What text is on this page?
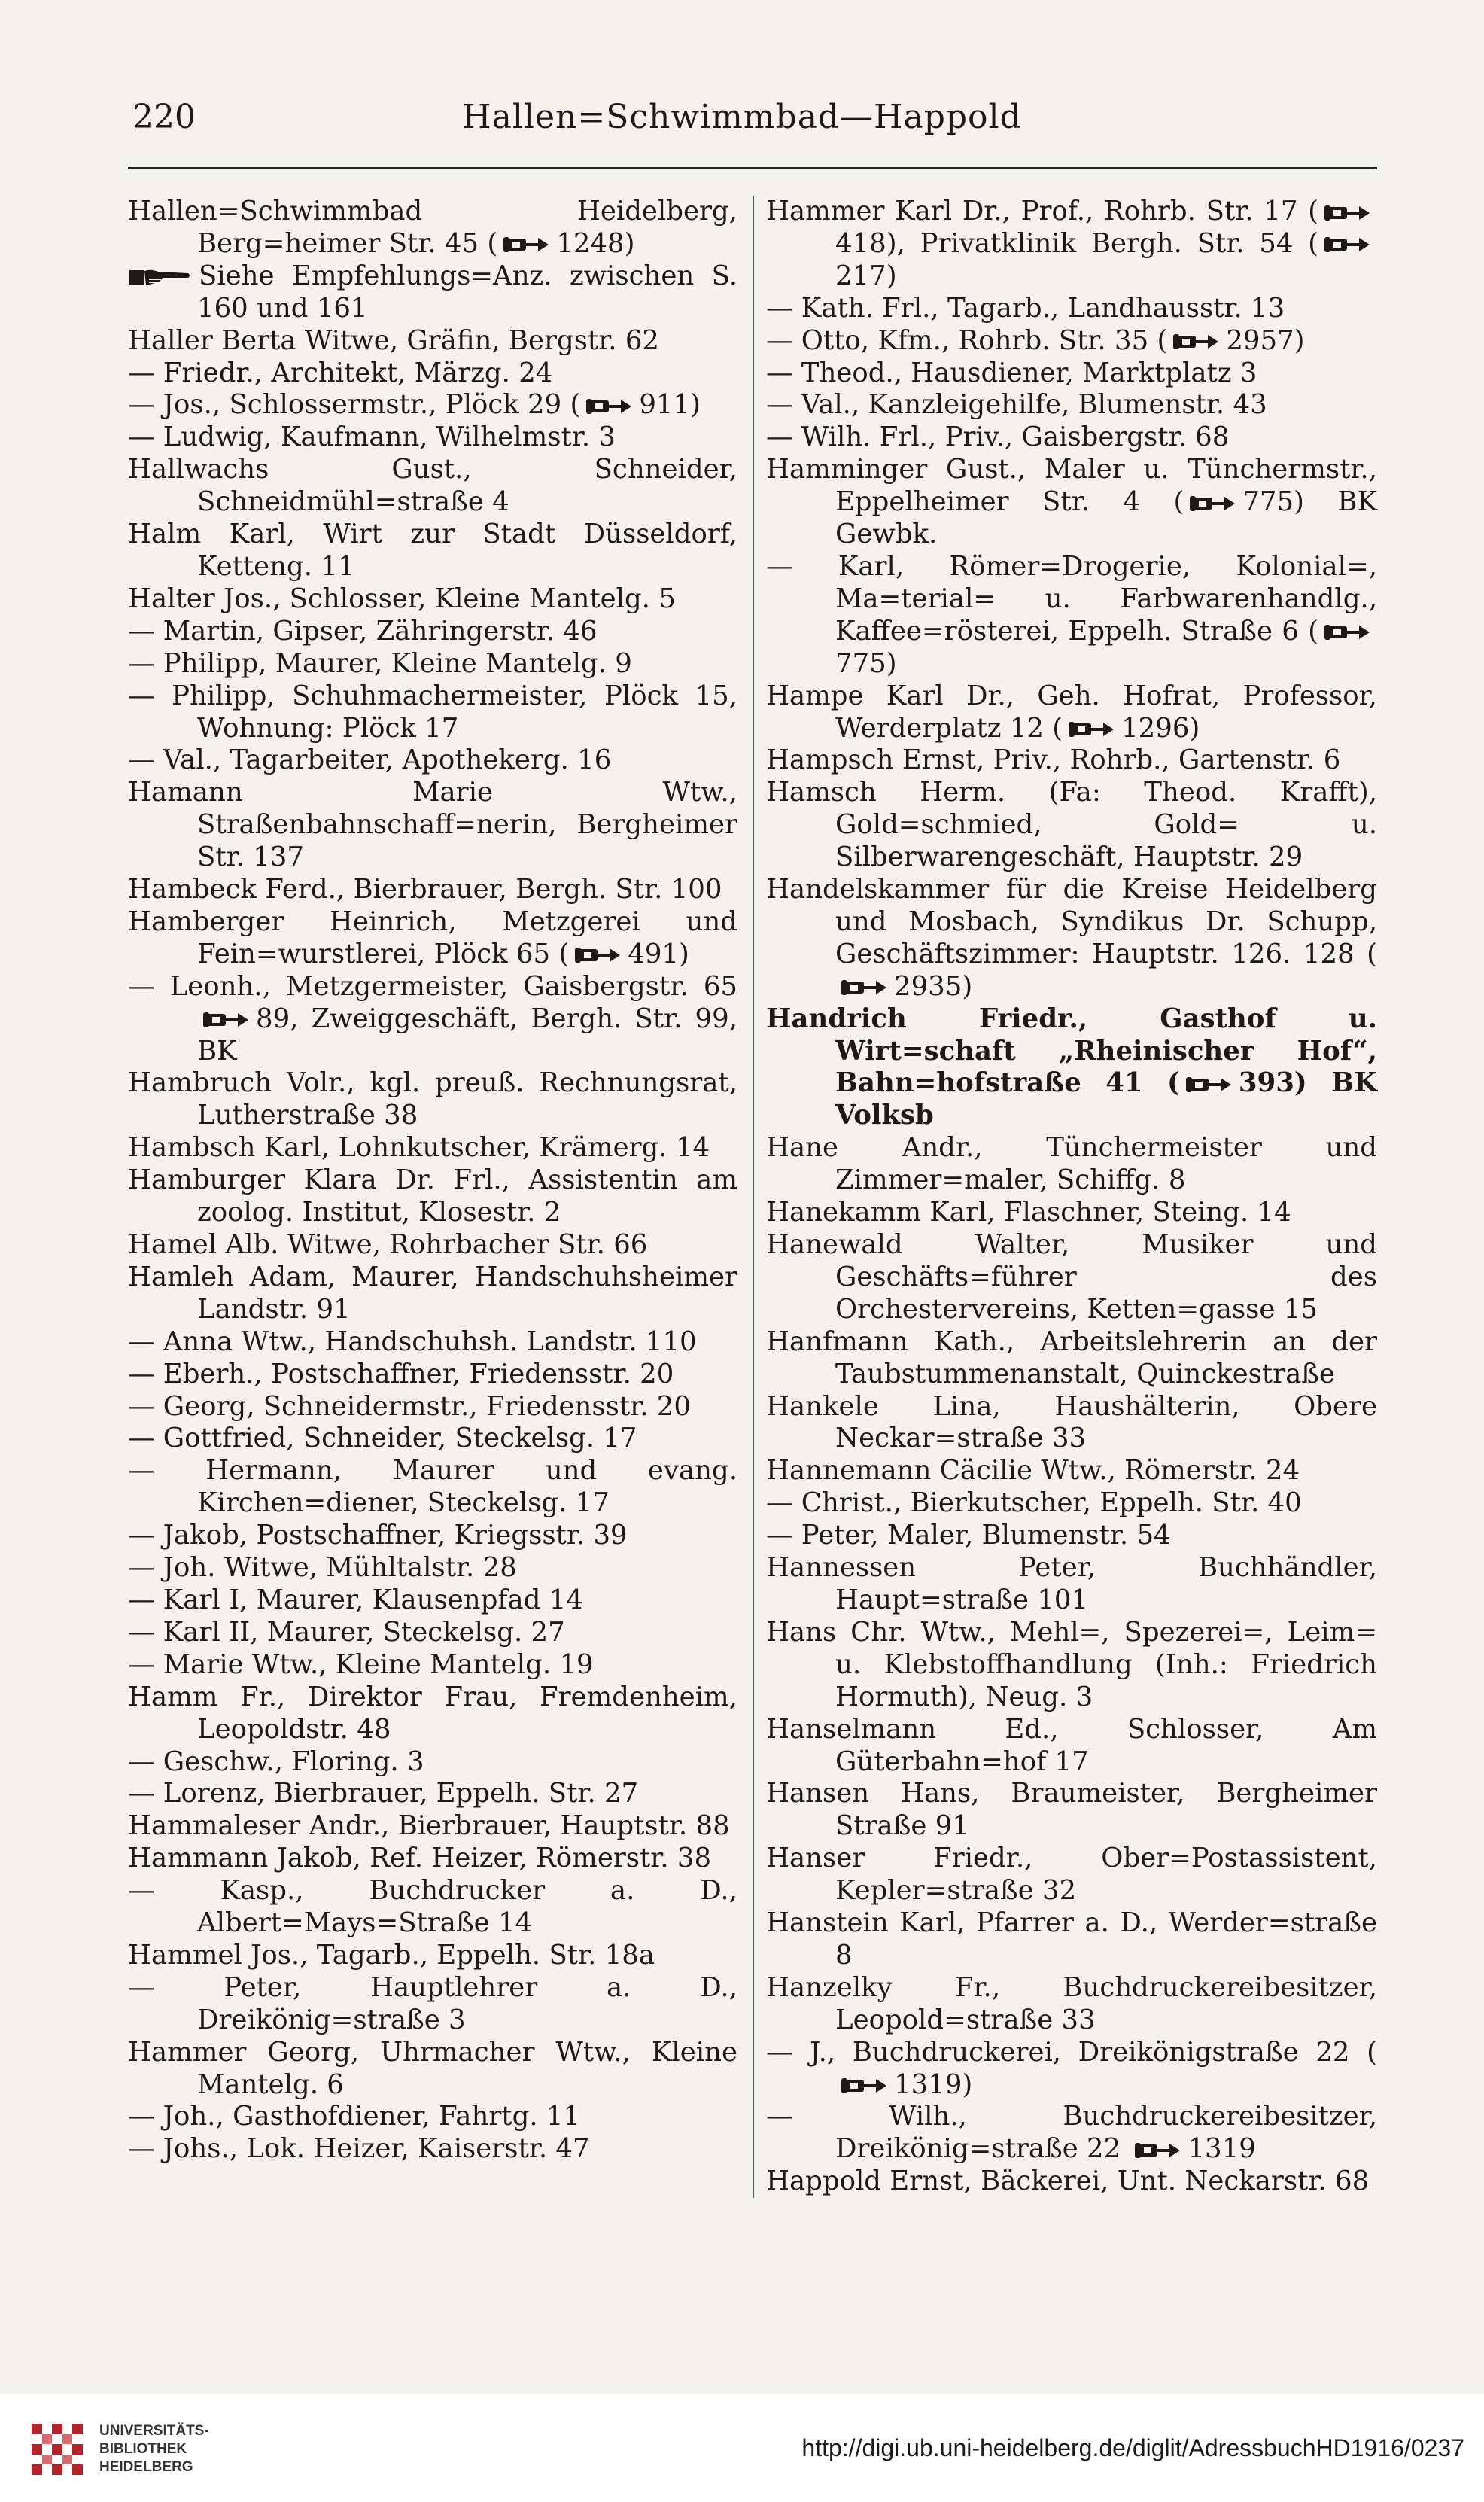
220	Hallen=Schwimmbad—Happold
Hallen=Schwimmbad Heidelberg, Berg=heimer Str. 45 ( 1248)
Siehe Empfehlungs=Anz. zwischen S. 160 und 161
Haller Berta Witwe, Gräfin, Bergstr. 62
— Friedr., Architekt, Märzg. 24
— Jos., Schlossermstr., Plöck 29 ( 911)
— Ludwig, Kaufmann, Wilhelmstr. 3
Hallwachs Gust., Schneider, Schneidmühl=straße 4
Halm Karl, Wirt zur Stadt Düsseldorf, Ketteng. 11
Halter Jos., Schlosser, Kleine Mantelg. 5
— Martin, Gipser, Zähringerstr. 46
— Philipp, Maurer, Kleine Mantelg. 9
— Philipp, Schuhmachermeister, Plöck 15, Wohnung: Plöck 17
— Val., Tagarbeiter, Apothekerg. 16
Hamann Marie Wtw., Straßenbahnschaff=nerin, Bergheimer Str. 137
Hambeck Ferd., Bierbrauer, Bergh. Str. 100
Hamberger Heinrich, Metzgerei und Fein=wurstlerei, Plöck 65 ( 491)
— Leonh., Metzgermeister, Gaisbergstr. 65 89, Zweiggeschäft, Bergh. Str. 99, BK
Hambruch Volr., kgl. preuß. Rechnungsrat, Lutherstraße 38
Hambsch Karl, Lohnkutscher, Krämerg. 14
Hamburger Klara Dr. Frl., Assistentin am zoolog. Institut, Klosestr. 2
Hamel Alb. Witwe, Rohrbacher Str. 66
Hamleh Adam, Maurer, Handschuhsheimer Landstr. 91
— Anna Wtw., Handschuhsh. Landstr. 110
— Eberh., Postschaffner, Friedensstr. 20
— Georg, Schneidermstr., Friedensstr. 20
— Gottfried, Schneider, Steckelsg. 17
— Hermann, Maurer und evang. Kirchen=diener, Steckelsg. 17
— Jakob, Postschaffner, Kriegsstr. 39
— Joh. Witwe, Mühltalstr. 28
— Karl I, Maurer, Klausenpfad 14
— Karl II, Maurer, Steckelsg. 27
— Marie Wtw., Kleine Mantelg. 19
Hamm Fr., Direktor Frau, Fremdenheim, Leopoldstr. 48
— Geschw., Floring. 3
— Lorenz, Bierbrauer, Eppelh. Str. 27
Hammaleser Andr., Bierbrauer, Hauptstr. 88
Hammann Jakob, Ref. Heizer, Römerstr. 38
— Kasp., Buchdrucker a. D., Albert=Mays=Straße 14
Hammel Jos., Tagarb., Eppelh. Str. 18a
— Peter, Hauptlehrer a. D., Dreikönig=straße 3
Hammer Georg, Uhrmacher Wtw., Kleine Mantelg. 6
— Joh., Gasthofdiener, Fahrtg. 11
— Johs., Lok. Heizer, Kaiserstr. 47
Hammer Karl Dr., Prof., Rohrb. Str. 17 (418), Privatklinik Bergh. Str. 54 (217)
— Kath. Frl., Tagarb., Landhausstr. 13
— Otto, Kfm., Rohrb. Str. 35 ( 2957)
— Theod., Hausdiener, Marktplatz 3
— Val., Kanzleigehilfe, Blumenstr. 43
— Wilh. Frl., Priv., Gaisbergstr. 68
Hamminger Gust., Maler u. Tünchermstr., Eppelheimer Str. 4 ( 775) BK Gewbk.
— Karl, Römer=Drogerie, Kolonial=, Ma=terial= u. Farbwarenhandlg., Kaffee=rösterei, Eppelh. Straße 6 (775)
Hampe Karl Dr., Geh. Hofrat, Professor, Werderplatz 12 ( 1296)
Hampsch Ernst, Priv., Rohrb., Gartenstr. 6
Hamsch Herm. (Fa: Theod. Krafft), Gold=schmied, Gold= u. Silberwarengeschäft, Hauptstr. 29
Handelskammer für die Kreise Heidelberg und Mosbach, Syndikus Dr. Schupp, Geschäftszimmer: Hauptstr. 126. 128 (2935)
Handrich Friedr., Gasthof u. Wirt=schaft „Rheinischer Hof“, Bahn=hofstraße 41 ( 393) BK Volksb
Hane Andr., Tünchermeister und Zimmer=maler, Schiffg. 8
Hanekamm Karl, Flaschner, Steing. 14
Hanewald Walter, Musiker und Geschäfts=führer des Orchestervereins, Ketten=gasse 15
Hanfmann Kath., Arbeitslehrerin an der Taubstummenanstalt, Quinckestraße
Hankele Lina, Haushälterin, Obere Neckar=straße 33
Hannemann Cäcilie Wtw., Römerstr. 24
— Christ., Bierkutscher, Eppelh. Str. 40
— Peter, Maler, Blumenstr. 54
Hannessen Peter, Buchhändler, Haupt=straße 101
Hans Chr. Wtw., Mehl=, Spezerei=, Leim= u. Klebstoffhandlung (Inh.: Friedrich Hormuth), Neug. 3
Hanselmann Ed., Schlosser, Am Güterbahn=hof 17
Hansen Hans, Braumeister, Bergheimer Straße 91
Hanser Friedr., Ober=Postassistent, Kepler=straße 32
Hanstein Karl, Pfarrer a. D., Werder=straße 8
Hanzelky Fr., Buchdruckereibesitzer, Leopold=straße 33
— J., Buchdruckerei, Dreikönigstraße 22 (1319)
— Wilh., Buchdruckereibesitzer, Dreikönig=straße 22 1319
Happold Ernst, Bäckerei, Unt. Neckarstr. 68
UNIVERSITÄTS-
BIBLIOTHEK
HEIDELBERG
http://digi.ub.uni-heidelberg.de/diglit/AdressbuchHD1916/0237
